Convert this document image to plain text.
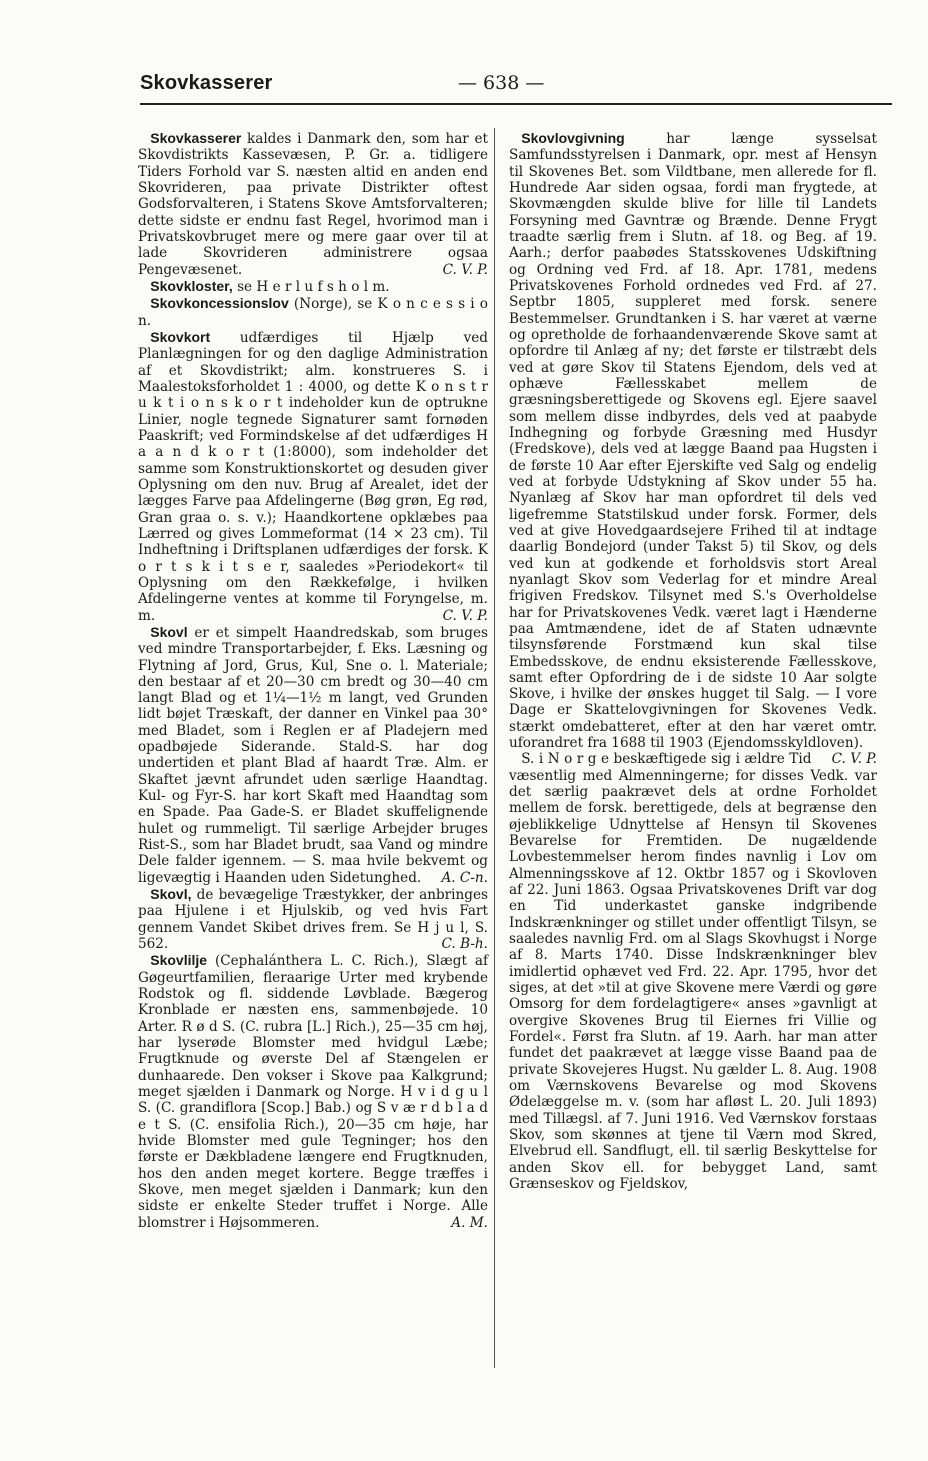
Skovkasserer	— 638 —

Skovkasserer kaldes i Danmark den, som har et Skovdistrikts Kassevæsen, P. Gr. a. tidligere Tiders Forhold var S. næsten altid en anden end Skovrideren, paa private Distrikter oftest Godsforvalteren, i Statens Skove Amtsforvalteren; dette sidste er endnu fast Regel, hvorimod man i Privatskovbruget mere og mere gaar over til at lade Skovrideren administrere ogsaa Pengevæsenet.	C. V. P.

Skovkloster, se H e r l u f s h o l m.

Skovkoncessionslov (Norge), se K o n c e s s i o n.

Skovkort udfærdiges til Hjælp ved Planlægningen for og den daglige Administration af et Skovdistrikt; alm. konstrueres S. i Maalestoksforholdet 1 : 4000, og dette K o n s t r u k t i o n s k o r t indeholder kun de optrukne Linier, nogle tegnede Signaturer samt fornøden Paaskrift; ved Formindskelse af det udfærdiges H a a n d k o r t (1:8000), som indeholder det samme som Konstruktionskortet og desuden giver Oplysning om den nuv. Brug af Arealet, idet der lægges Farve paa Afdelingerne (Bøg grøn, Eg rød, Gran graa o. s. v.); Haandkortene opklæbes paa Lærred og gives Lommeformat (14 × 23 cm). Til Indheftning i Driftsplanen udfærdiges der forsk. K o r t s k i t s e r, saaledes »Periodekort« til Oplysning om den Rækkefølge, i hvilken Afdelingerne ventes at komme til Foryngelse, m. m.	C. V. P.

Skovl er et simpelt Haandredskab, som bruges ved mindre Transportarbejder, f. Eks. Læsning og Flytning af Jord, Grus, Kul, Sne o. l. Materiale; den bestaar af et 20—30 cm bredt og 30—40 cm langt Blad og et 1¼—1½ m langt, ved Grunden lidt bøjet Træskaft, der danner en Vinkel paa 30° med Bladet, som i Reglen er af Pladejern med opadbøjede Siderande. Stald-S. har dog undertiden et plant Blad af haardt Træ. Alm. er Skaftet jævnt afrundet uden særlige Haandtag. Kul- og Fyr-S. har kort Skaft med Haandtag som en Spade. Paa Gade-S. er Bladet skuffelignende hulet og rummeligt. Til særlige Arbejder bruges Rist-S., som har Bladet brudt, saa Vand og mindre Dele falder igennem. — S. maa hvile bekvemt og ligevægtig i Haanden uden Sidetunghed.	A. C-n.

Skovl, de bevægelige Træstykker, der anbringes paa Hjulene i et Hjulskib, og ved hvis Fart gennem Vandet Skibet drives frem. Se H j u l, S. 562.	C. B-h.

Skovlilje (Cephalánthera L. C. Rich.), Slægt af Gøgeurtfamilien, fleraarige Urter med krybende Rodstok og fl. siddende Løvblade. Bægerog Kronblade er næsten ens, sammenbøjede. 10 Arter. R ø d S. (C. rubra [L.] Rich.), 25—35 cm høj, har lyserøde Blomster med hvidgul Læbe; Frugtknude og øverste Del af Stængelen er dunhaarede. Den vokser i Skove paa Kalkgrund; meget sjælden i Danmark og Norge. H v i d g u l S. (C. grandiflora [Scop.] Bab.) og S v æ r d b l a d e t S. (C. ensifolia Rich.), 20—35 cm høje, har hvide Blomster med gule Tegninger; hos den første er Dækbladene længere end Frugtknuden, hos den anden meget kortere. Begge træffes i Skove, men meget sjælden i Danmark; kun den sidste er enkelte Steder truffet i Norge. Alle blomstrer i Højsommeren.	A. M.

Skovlovgivning	har længe sysselsat Samfundsstyrelsen i Danmark, opr. mest af Hensyn til Skovenes Bet. som Vildtbane, men allerede for fl. Hundrede Aar siden ogsaa, fordi man frygtede, at Skovmængden skulde blive for lille til Landets Forsyning med Gavntræ og Brænde. Denne Frygt traadte særlig frem i Slutn. af 18. og Beg. af 19. Aarh.; derfor paabødes Statsskovenes Udskiftning og Ordning ved Frd. af 18. Apr. 1781, medens Privatskovenes Forhold ordnedes ved Frd. af 27. Septbr 1805, suppleret med forsk. senere Bestemmelser. Grundtanken i S. har været at værne og opretholde de forhaandenværende Skove samt at opfordre til Anlæg af ny; det første er tilstræbt dels ved at gøre Skov til Statens Ejendom, dels ved at ophæve Fællesskabet mellem de græsningsberettigede og Skovens egl. Ejere saavel som mellem disse indbyrdes, dels ved at paabyde Indhegning og forbyde Græsning med Husdyr (Fredskove), dels ved at lægge Baand paa Hugsten i de første 10 Aar efter Ejerskifte ved Salg og endelig ved at forbyde Udstykning af Skov under 55 ha. Nyanlæg af Skov har man opfordret til dels ved ligefremme Statstilskud under forsk. Former, dels ved at give Hovedgaardsejere Frihed til at indtage daarlig Bondejord (under Takst 5) til Skov, og dels ved kun at godkende et forholdsvis stort Areal nyanlagt Skov som Vederlag for et mindre Areal frigiven Fredskov. Tilsynet med S.'s Overholdelse har for Privatskovenes Vedk. været lagt i Hænderne paa Amtmændene, idet de af Staten udnævnte tilsynsførende Forstmænd kun skal tilse Embedsskove, de endnu eksisterende Fællesskove, samt efter Opfordring de i de sidste 10 Aar solgte Skove, i hvilke der ønskes hugget til Salg. — I vore Dage er Skattelovgivningen for Skovenes Vedk. stærkt omdebatteret, efter at den har været omtr. uforandret fra 1688 til 1903 (Ejendomsskyldloven).
C. V. P.

S. i N o r g e beskæftigede sig i ældre Tid væsentlig med Almenningerne; for disses Vedk. var det særlig paakrævet dels at ordne Forholdet mellem de forsk. berettigede, dels at begrænse den øjeblikkelige Udnyttelse af Hensyn til Skovenes Bevarelse for Fremtiden. De nugældende Lovbestemmelser herom findes navnlig i Lov om Almenningsskove af 12. Oktbr 1857 og i Skovloven af 22. Juni 1863. Ogsaa Privatskovenes Drift var dog en Tid underkastet ganske indgribende Indskrænkninger og stillet under offentligt Tilsyn, se saaledes navnlig Frd. om al Slags Skovhugst i Norge af 8. Marts 1740. Disse Indskrænkninger blev imidlertid ophævet ved Frd. 22. Apr. 1795, hvor det siges, at det »til at give Skovene mere Værdi og gøre Omsorg for dem fordelagtigere« anses »gavnligt at overgive Skovenes Brug til Eiernes fri Villie og Fordel«. Først fra Slutn. af 19. Aarh. har man atter fundet det paakrævet at lægge visse Baand paa de private Skovejeres Hugst. Nu gælder L. 8. Aug. 1908 om Værnskovens Bevarelse og mod Skovens Ødelæggelse m. v. (som har afløst L. 20. Juli 1893) med Tillægsl. af 7. Juni 1916. Ved Værnskov forstaas Skov, som skønnes at tjene til Værn mod Skred, Elvebrud ell. Sandflugt, ell. til særlig Beskyttelse for anden Skov ell. for bebygget Land, samt Grænseskov og Fjeldskov,
